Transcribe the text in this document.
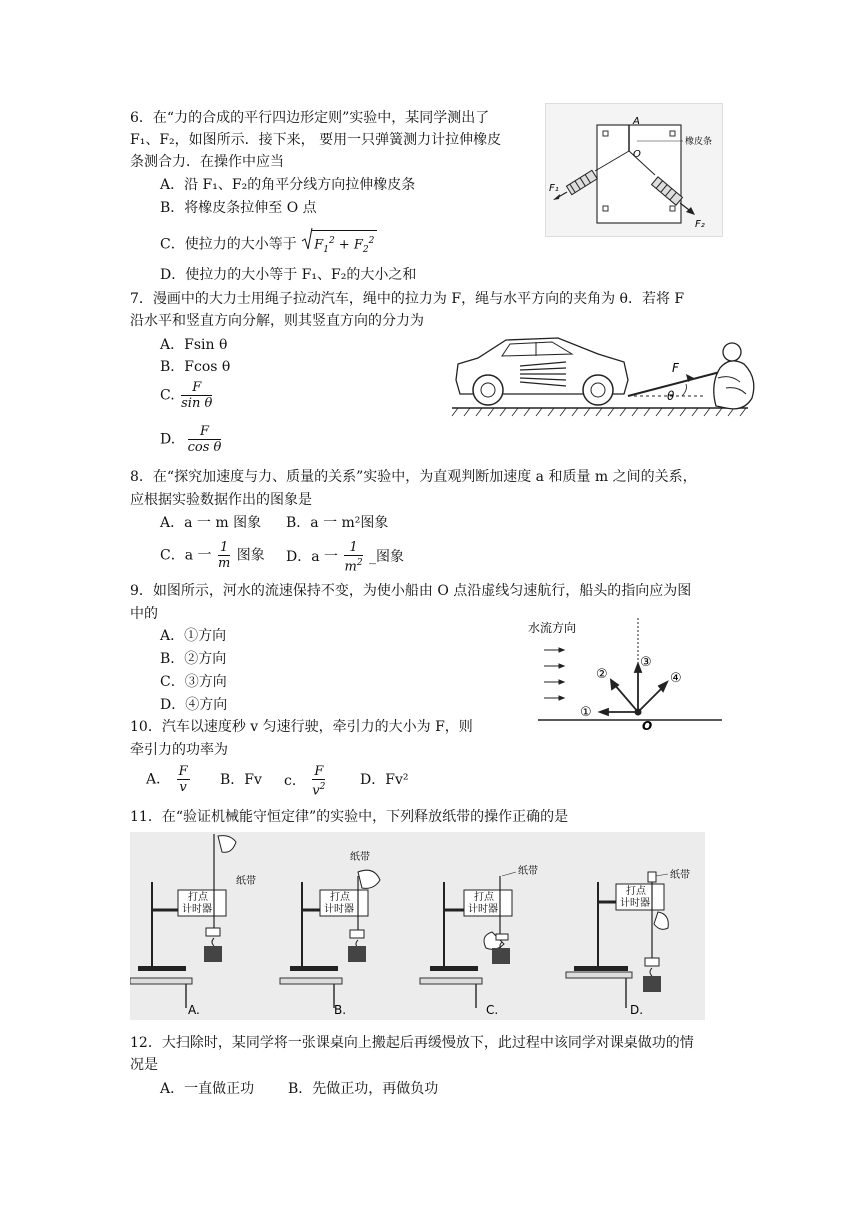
6．在“力的合成的平行四边形定则”实验中，某同学测出了
F₁、F₂，如图所示．接下来， 要用一只弹簧测力计拉伸橡皮
条测合力．在操作中应当
A．沿 F₁、F₂的角平分线方向拉伸橡皮条
B．将橡皮条拉伸至 O 点
C．使拉力的大小等于 $F_1^2 + F_2^2$
D．使拉力的大小等于 F₁、F₂的大小之和
A
O
橡皮条
F₁
F₂
7．漫画中的大力士用绳子拉动汽车，绳中的拉力为 F，绳与水平方向的夹角为 θ．若将 F
沿水平和竖直方向分解，则其竖直方向的分力为
A．Fsin θ
B．Fcos θ
C. $\frac{F}{\text{sin θ}}$
D. $\frac{F}{\text{cos θ}}$
F
θ
8．在“探究加速度与力、质量的关系”实验中，为直观判断加速度 a 和质量 m 之间的关系，
应根据实验数据作出的图象是
A．a 一 m 图象 B．a 一 m²图象
C．a 一 $\frac{1}{m}$ 图象 D．a 一 $\frac{1}{m^2}$ _图象
9．如图所示，河水的流速保持不变，为使小船由 O 点沿虚线匀速航行，船头的指向应为图
中的
A．①方向
B．②方向
C．③方向
D．④方向
水流方向
①
②
③
④
O
10．汽车以速度秒 v 匀速行驶，牵引力的大小为 F，则
牵引力的功率为
A． $\frac{F}{v}$ B．Fv c． $\frac{F}{v^2}$ D．Fv²
11．在“验证机械能守恒定律”的实验中，下列释放纸带的操作正确的是
打点
计时器
纸带
打点
计时器
纸带
打点
计时器
纸带
打点
计时器
纸带
A.	B.	C.	D.
12．大扫除时，某同学将一张课桌向上搬起后再缓慢放下，此过程中该同学对课桌做功的情
况是
A．一直做正功 B．先做正功，再做负功
